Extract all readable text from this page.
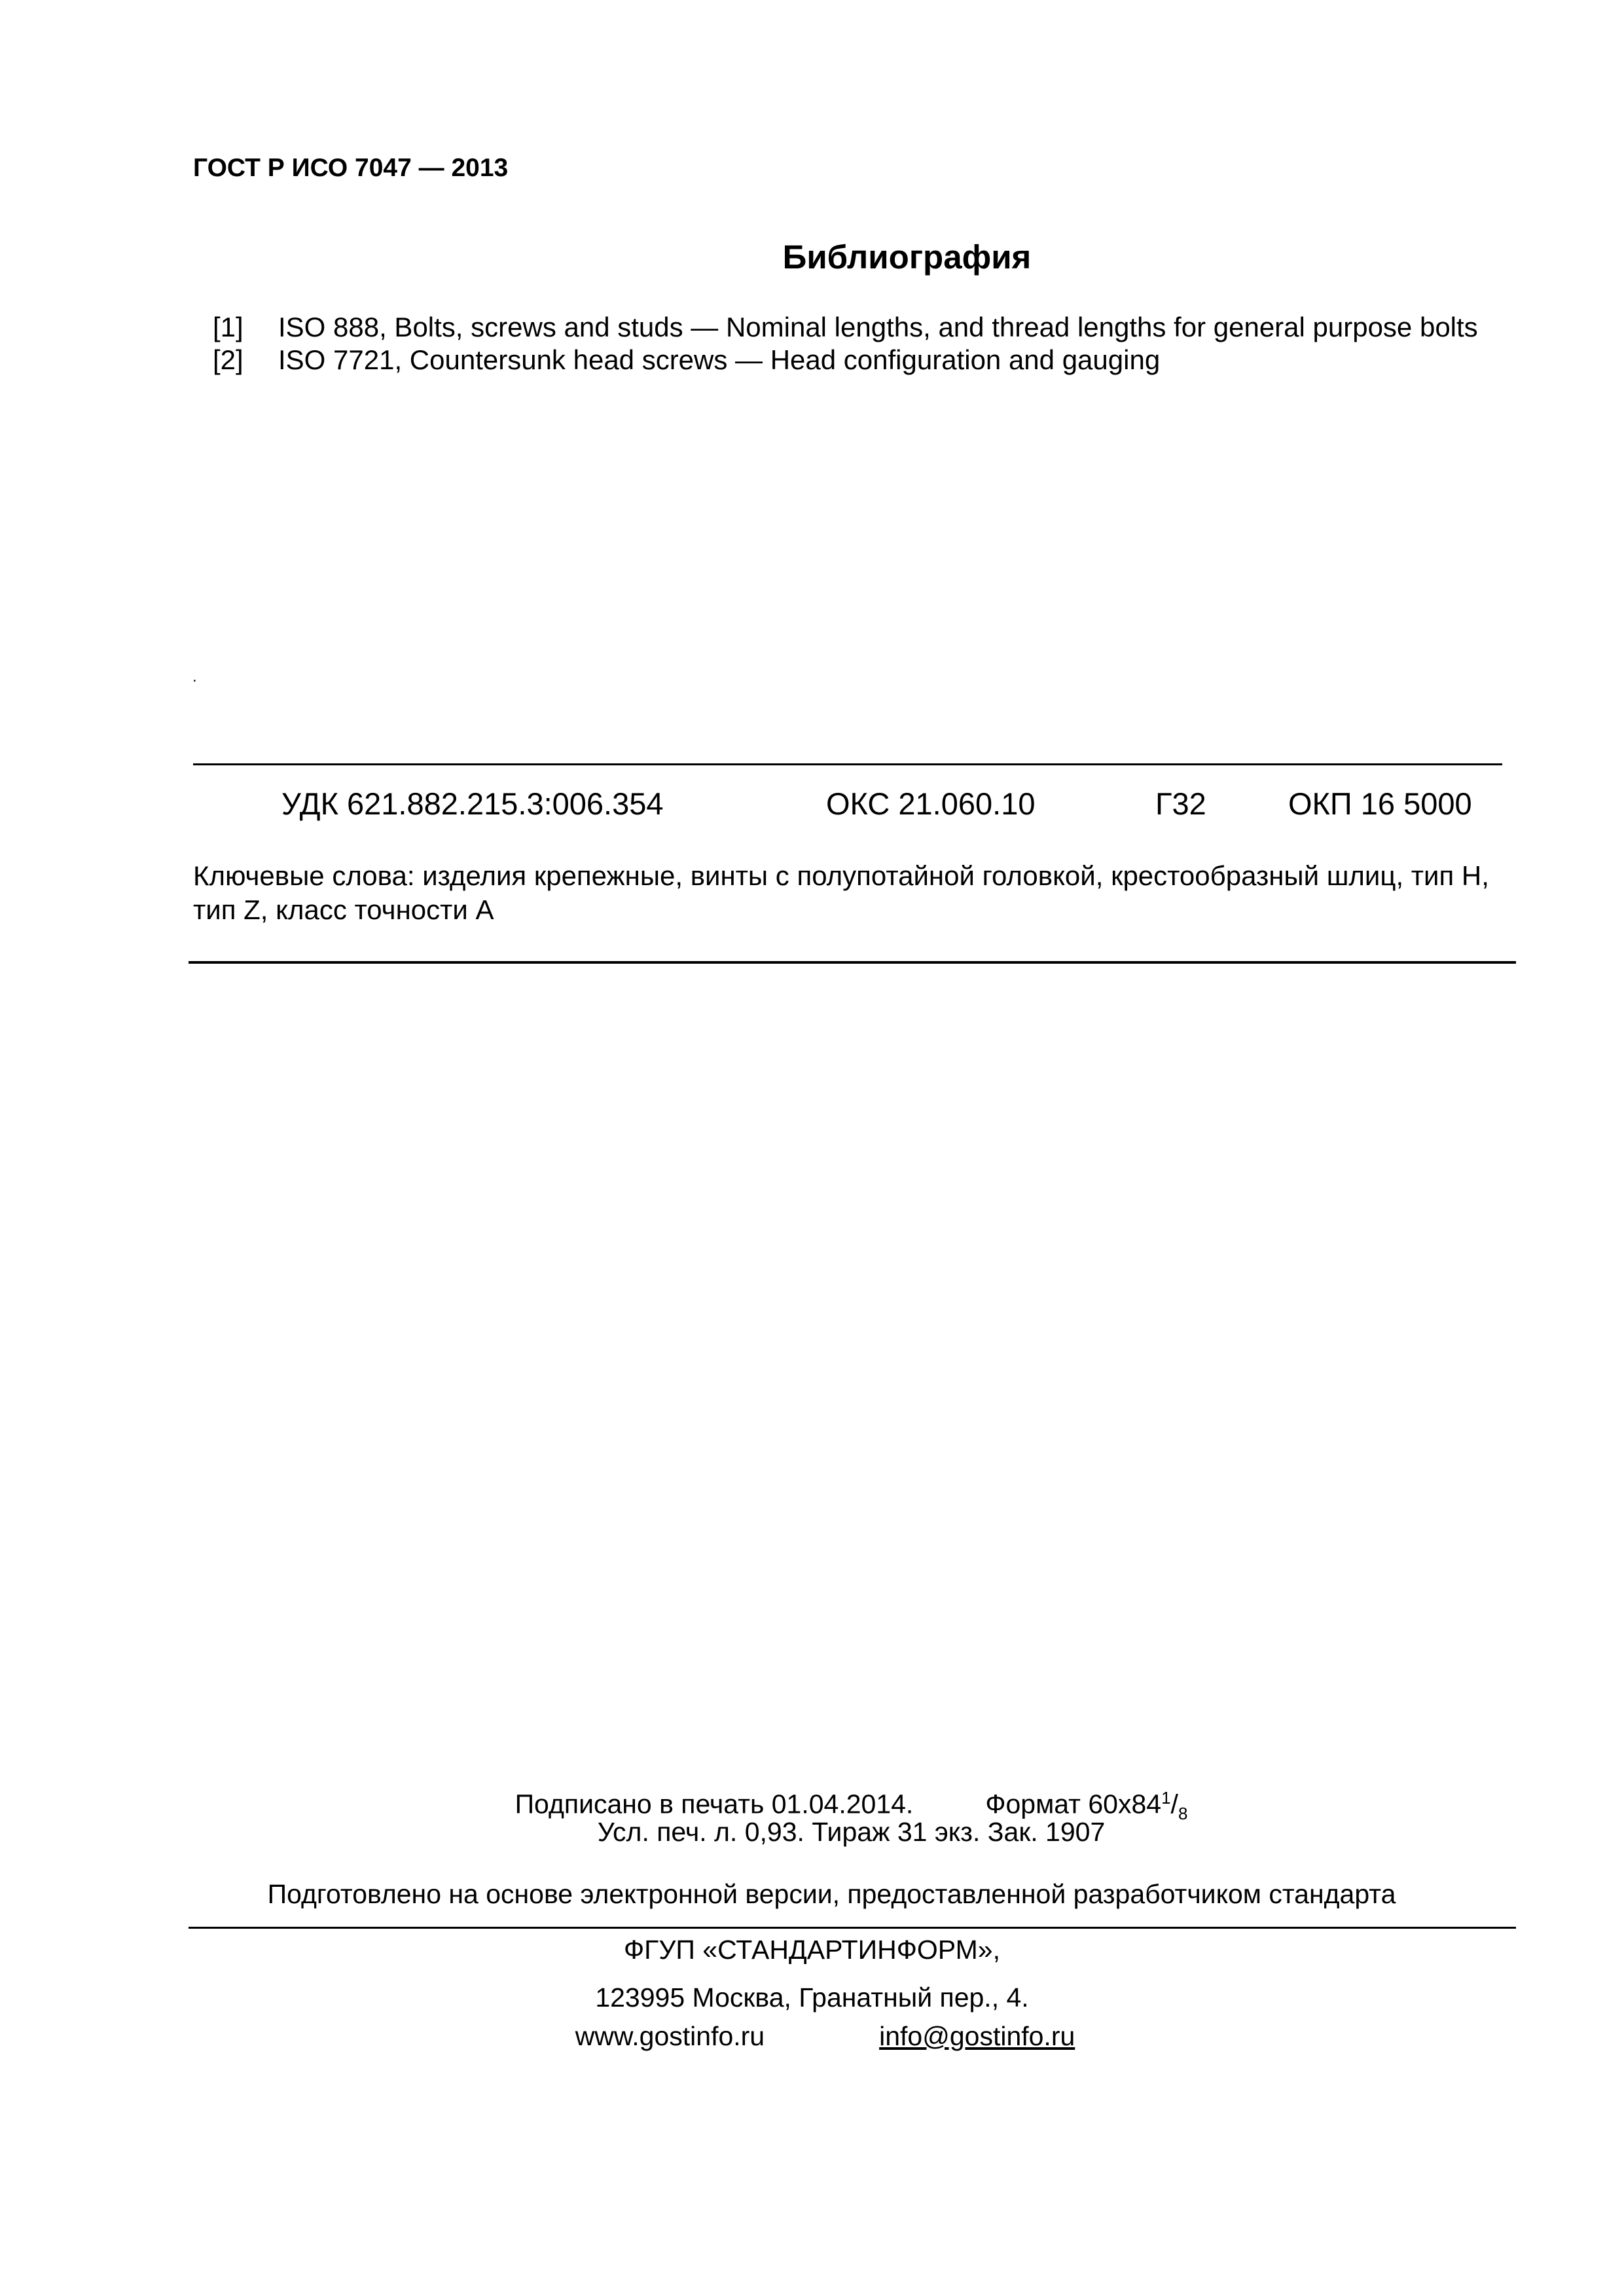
ГОСТ Р ИСО 7047 — 2013
Библиография
[1]	ISO 888, Bolts, screws and studs — Nominal lengths, and thread lengths for general purpose bolts
[2]	ISO 7721, Countersunk head screws — Head configuration and gauging
.
УДК 621.882.215.3:006.354	ОКС 21.060.10	Г32	ОКП 16 5000
Ключевые слова: изделия крепежные, винты с полупотайной головкой, крестообразный шлиц, тип H, тип Z, класс точности A
Подписано в печать 01.04.2014.	Формат $60x84^1/_8$
Усл. печ. л. 0,93. Тираж 31 экз. Зак. 1907
Подготовлено на основе электронной версии, предоставленной разработчиком стандарта
ФГУП «СТАНДАРТИНФОРМ»,
123995 Москва, Гранатный пер., 4.
www.gostinfo.ru	info@gostinfo.ru
